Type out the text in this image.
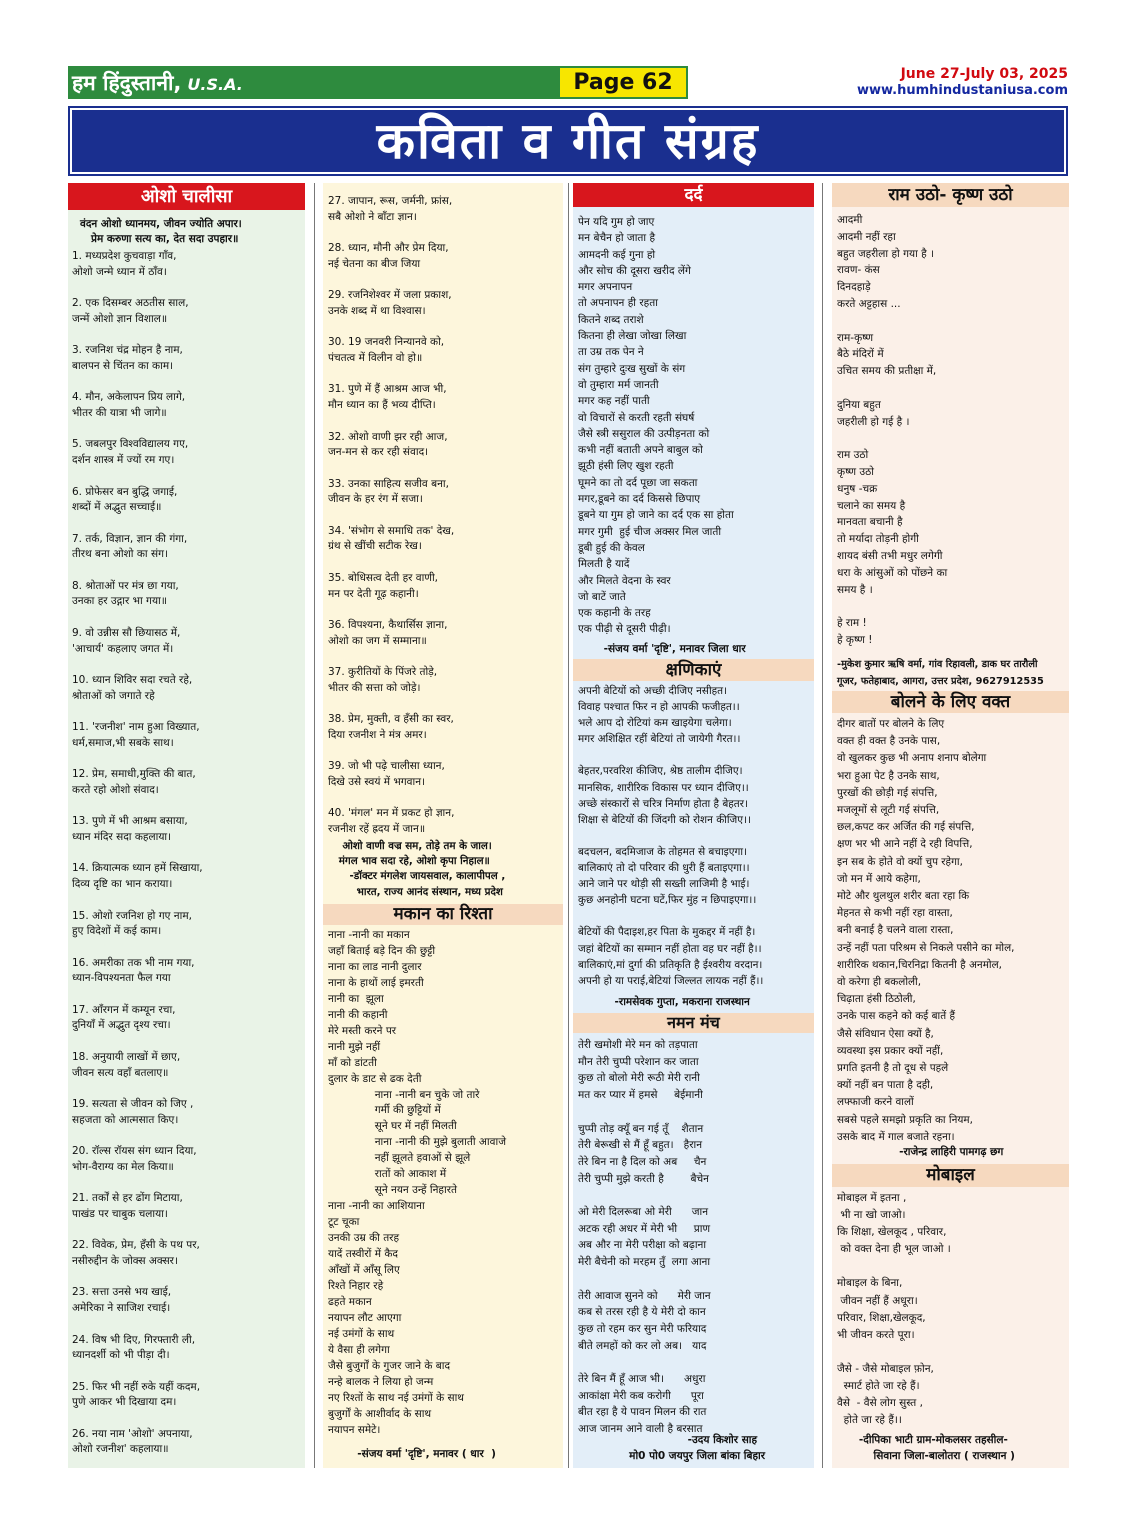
हम हिंदुस्तानी, U.S.A.	Page 62	June 27-July 03, 2025
www.humhindustaniusa.com
कविता व गीत संग्रह
ओशो चालीसा
वंदन ओशो ध्यानमय, जीवन ज्योति अपार।
प्रेम करुणा सत्य का, देत सदा उपहार॥
1. मध्यप्रदेश कुचवाड़ा गाँव,
ओशो जन्मे ध्यान में ठाँव।

2. एक दिसम्बर अठतीस साल,
जन्में ओशो ज्ञान विशाल॥

3. रजनिश चंद्र मोहन है नाम,
बालपन से चिंतन का काम।

4. मौन, अकेलापन प्रिय लागे,
भीतर की यात्रा भी जागे॥

5. जबलपुर विश्वविद्यालय गए,
दर्शन शास्त्र में ज्यों रम गए।

6. प्रोफेसर बन बुद्धि जगाई,
शब्दों में अद्भुत सच्चाई॥

7. तर्क, विज्ञान, ज्ञान की गंगा,
तीरथ बना ओशो का संग।

8. श्रोताओं पर मंत्र छा गया,
उनका हर उद्गार भा गया॥

9. वो उन्नीस सौ छियासठ में,
'आचार्य' कहलाए जगत में।

10. ध्यान शिविर सदा रचते रहे,
श्रोताओं को जगाते रहे

11. 'रजनीश' नाम हुआ विख्यात,
धर्म,समाज,भी सबके साथ।

12. प्रेम, समाधी,मुक्ति की बात,
करते रहो ओशो संवाद।

13. पुणे में भी आश्रम बसाया,
ध्यान मंदिर सदा कहलाया।

14. क्रियात्मक ध्यान हमें सिखाया,
दिव्य दृष्टि का भान कराया।

15. ओशो रजनिश हो गए नाम,
हुए विदेशों में कई काम।

16. अमरीका तक भी नाम गया,
ध्यान-विपश्यनता फैल गया

17. आँरगन में कम्यून रचा,
दुनियाँ में अद्भुत दृश्य रचा।

18. अनुयायी लाखों में छाए,
जीवन सत्य वहाँ बतलाए॥

19. सत्यता से जीवन को जिए ,
सहजता को आत्मसात किए।

20. रॉल्स रॉयस संग ध्यान दिया,
भोग-वैराग्य का मेल किया॥

21. तर्कों से हर ढोंग मिटाया,
पाखंड पर चाबुक चलाया।

22. विवेक, प्रेम, हँसी के पथ पर,
नसीरुद्दीन के जोक्स अक्सर।

23. सत्ता उनसे भय खाई,
अमेरिका ने साजिश रचाई।

24. विष भी दिए, गिरफ्तारी ली,
ध्यानदर्शी को भी पीड़ा दी।

25. फिर भी नहीं रुके यहीं कदम,
पुणे आकर भी दिखाया दम।

26. नया नाम 'ओशो' अपनाया,
ओशो रजनीश' कहलाया॥
27. जापान, रूस, जर्मनी, फ्रांस,
सबै ओशो ने बाँटा ज्ञान।

28. ध्यान, मौनी और प्रेम दिया,
नई चेतना का बीज जिया

29. रजनिशेश्वर में जला प्रकाश,
उनके शब्द में था विश्वास।

30. 19 जनवरी निन्यानवे को,
पंचतत्व में विलीन वो हो॥

31. पुणे में हैं आश्रम आज भी,
मौन ध्यान का हैं भव्य दीप्ति।

32. ओशो वाणी झर रही आज,
जन-मन से कर रही संवाद।

33. उनका साहित्य सजीव बना,
जीवन के हर रंग में सजा।

34. 'संभोग से समाधि तक' देख,
ग्रंथ से खींची सटीक रेख।

35. बोधिसत्व देती हर वाणी,
मन पर देती गूढ़ कहानी।

36. विपश्यना, कैथार्सिस ज्ञाना,
ओशो का जग में सम्माना॥

37. कुरीतियों के पिंजरे तोड़े,
भीतर की सत्ता को जोड़े।

38. प्रेम, मुक्ती, व हँसी का स्वर,
दिया रजनीश ने मंत्र अमर।

39. जो भी पढ़े चालीसा ध्यान,
दिखे उसे स्वयं में भगवान।

40. 'मंगल' मन में प्रकट हो ज्ञान,
रजनीश रहें ह्रदय में जान॥
ओशो वाणी वज्र सम, तोड़े तम के जाल।
मंगल भाव सदा रहे, ओशो कृपा निहाल॥
-डॉक्टर मंगलेश जायसवाल, कालापीपल ,
भारत, राज्य आनंद संस्थान, मध्य प्रदेश
मकान का रिश्ता
नाना -नानी का मकान
जहाँ बिताई बड़े दिन की छुट्टी
नाना का लाड नानी दुलार
नाना के हाथों लाई इमरती
नानी का  झूला
नानी की कहानी
मेरे मस्ती करने पर
नानी मुझे नहीं
माँ को डांटती
दुलार के डाट से ढक देती
नाना -नानी बन चुके जो तारे
गर्मी की छुट्टियों में
सूने घर में नहीं मिलती
नाना -नानी की मुझे बुलाती आवाजे
नहीं झूलते हवाओं से झूले
रातों को आकाश में
सूने नयन उन्हें निहारते
नाना -नानी का आशियाना
टूट चूका
उनकी उम्र की तरह
यादें तस्वीरों में कैद
आँखों में आँसू लिए
रिश्ते निहार रहे
ढहते मकान
नयापन लौट आएगा
नई उमंगों के साथ
ये वैसा ही लगेगा
जैसे बुजुर्गों के गुजर जाने के बाद
नन्हे बालक ने लिया हो जन्म
नए रिश्तों के साथ नई उमंगों के साथ
बुजुर्गों के आशीर्वाद के साथ
नयापन समेटे।
-संजय वर्मा 'दृष्टि', मनावर ( धार  )
दर्द
पेन यदि गुम हो जाए
मन बेचैन हो जाता है
आमदनी कई गुना हो
और सोच की दूसरा खरीद लेंगे
मगर अपनापन
तो अपनापन ही रहता
कितने शब्द तराशे
कितना ही लेखा जोखा लिखा
ता उम्र तक पेन ने
संग तुम्हारे दुःख सुखों के संग
वो तुम्हारा मर्म जानती
मगर कह नहीं पाती
वो विचारों से करती रहती संघर्ष
जैसे स्त्री ससुराल की उत्पीड़नता को
कभी नहीं बताती अपने बाबुल को
झूठी हंसी लिए खुश रहती
घूमने का तो दर्द पूछा जा सकता
मगर,डूबने का दर्द किससे छिपाए
डूबने या गुम हो जाने का दर्द एक सा होता
मगर गुमी  हुई चीज अक्सर मिल जाती
डूबी हुई की केवल
मिलती है यादें
और मिलते वेदना के स्वर
जो बाटें जाते
एक कहानी के तरह
एक पीढ़ी से दूसरी पीढ़ी।
-संजय वर्मा 'दृष्टि', मनावर जिला धार
क्षणिकाएं
अपनी बेटियों को अच्छी दीजिए नसीहत।
विवाह पश्चात फिर न हो आपकी फजीहत।।
भले आप दो रोटियां कम खाइयेगा चलेगा।
मगर अशिक्षित रहीं बेटियां तो जायेगी गैरत।।

बेहतर,परवरिश कीजिए, श्रेष्ठ तालीम दीजिए।
मानसिक, शारीरिक विकास पर ध्यान दीजिए।।
अच्छे संस्कारों से चरित्र निर्माण होता है बेहतर।
शिक्षा से बेटियों की जिंदगी को रोशन कीजिए।।

बदचलन, बदमिजाज के तोहमत से बचाइएगा।
बालिकाएं तो दो परिवार की धुरी हैं बताइएगा।।
आने जाने पर थोड़ी सी सख्ती लाजिमी है भाई।
कुछ अनहोनी घटना घटें,फिर मुंह न छिपाइएगा।।

बेटियों की पैदाइश,हर पिता के मुकद्दर में नहीं है।
जहां बेटियों का सम्मान नहीं होता वह घर नहीं है।।
बालिकाएं,मां दुर्गा की प्रतिकृति है ईश्वरीय वरदान।
अपनी हो या पराई,बेटियां जिल्लत लायक नहीं हैं।।
-रामसेवक गुप्ता, मकराना राजस्थान
नमन मंच
तेरी खमोशी मेरे मन को तड़पाता
मौन तेरी चुप्पी परेशान कर जाता
कुछ तो बोलो मेरी रूठी मेरी रानी
मत कर प्यार में हमसे     बेईमानी

चुप्पी तोड़ क्यूँ बन गई तूँ    शैतान
तेरी बेरूखी से मैं हूँ बहुत।   हैरान
तेरे बिन ना है दिल को अब     चैन
तेरी चुप्पी मुझे करती है        बैचेन

ओ मेरी दिलरूबा ओ मेरी      जान
अटक रही अधर में मेरी भी     प्राण
अब और ना मेरी परीक्षा को बढ़ाना
मेरी बैचेनी को मरहम तुँ  लगा आना

तेरी आवाज सुनने को      मेरी जान
कब से तरस रही है ये मेरी दो कान
कुछ तो रहम कर सुन मेरी फरियाद
बीते लमहों को कर लो अब।   याद

तेरे बिन मैं हूँ आज भी।      अधुरा
आकांक्षा मेरी कब करोगी      पूरा
बीत रहा है ये पावन मिलन की रात
आज जानम आने वाली है बरसात
-उदय किशोर साह
मो0 पो0 जयपुर जिला बांका बिहार
राम उठो- कृष्ण उठो
आदमी
आदमी नहीं रहा
बहुत जहरीला हो गया है ।
रावण- कंस
दिनदहाड़े
करते अट्टहास ...

राम-कृष्ण
बैठे मंदिरों में
उचित समय की प्रतीक्षा में,

दुनिया बहुत
जहरीली हो गई है ।

राम उठो
कृष्ण उठो
धनुष -चक्र
चलाने का समय है
मानवता बचानी है
तो मर्यादा तोड़नी होगी
शायद बंसी तभी मधुर लगेगी
धरा के आंसुओं को पोंछने का
समय है ।

हे राम !
हे कृष्ण !
-मुकेश कुमार ऋषि वर्मा, गांव रिहावली, डाक घर तारौली
गूजर, फतेहाबाद, आगरा, उत्तर प्रदेश, 9627912535
बोलने के लिए वक्त
दीगर बातों पर बोलने के लिए
वक्त ही वक्त है उनके पास,
वो खुलकर कुछ भी अनाप शनाप बोलेगा
भरा हुआ पेट है उनके साथ,
पुरखों की छोड़ी गई संपत्ति,
मजलूमों से लूटी गई संपत्ति,
छल,कपट कर अर्जित की गई संपत्ति,
क्षण भर भी आने नहीं दे रही विपत्ति,
इन सब के होते वो क्यों चुप रहेगा,
जो मन में आये कहेगा,
मोटे और थुलथुल शरीर बता रहा कि
मेहनत से कभी नहीं रहा वास्ता,
बनी बनाई है चलने वाला रास्ता,
उन्हें नहीं पता परिश्रम से निकले पसीने का मोल,
शारीरिक थकान,चिरनिद्रा कितनी है अनमोल,
वो करेगा ही बकलोली,
चिढ़ाता हंसी ठिठोली,
उनके पास कहने को कई बातें हैं
जैसे संविधान ऐसा क्यों है,
व्यवस्था इस प्रकार क्यों नहीं,
प्रगति इतनी है तो दूध से पहले
क्यों नहीं बन पाता है दही,
लफ्फाजी करने वालों
सबसे पहले समझो प्रकृति का नियम,
उसके बाद में गाल बजाते रहना।
-राजेन्द्र लाहिरी पामगढ़ छग
मोबाइल
मोबाइल में इतना ,
भी ना खो जाओ।
कि शिक्षा, खेलकूद , परिवार,
को वक्त देना ही भूल जाओ ।

मोबाइल के बिना,
जीवन नहीं हैं अधूरा।
परिवार, शिक्षा,खेलकूद,
भी जीवन करते पूरा।

जैसे - जैसे मोबाइल फ़ोन,
स्मार्ट होते जा रहे हैं।
वैसे  - वैसे लोग सुस्त ,
होते जा रहे हैं।।
-दीपिका भाटी ग्राम-मोकलसर तहसील-
सिवाना जिला-बालोतरा ( राजस्थान )
